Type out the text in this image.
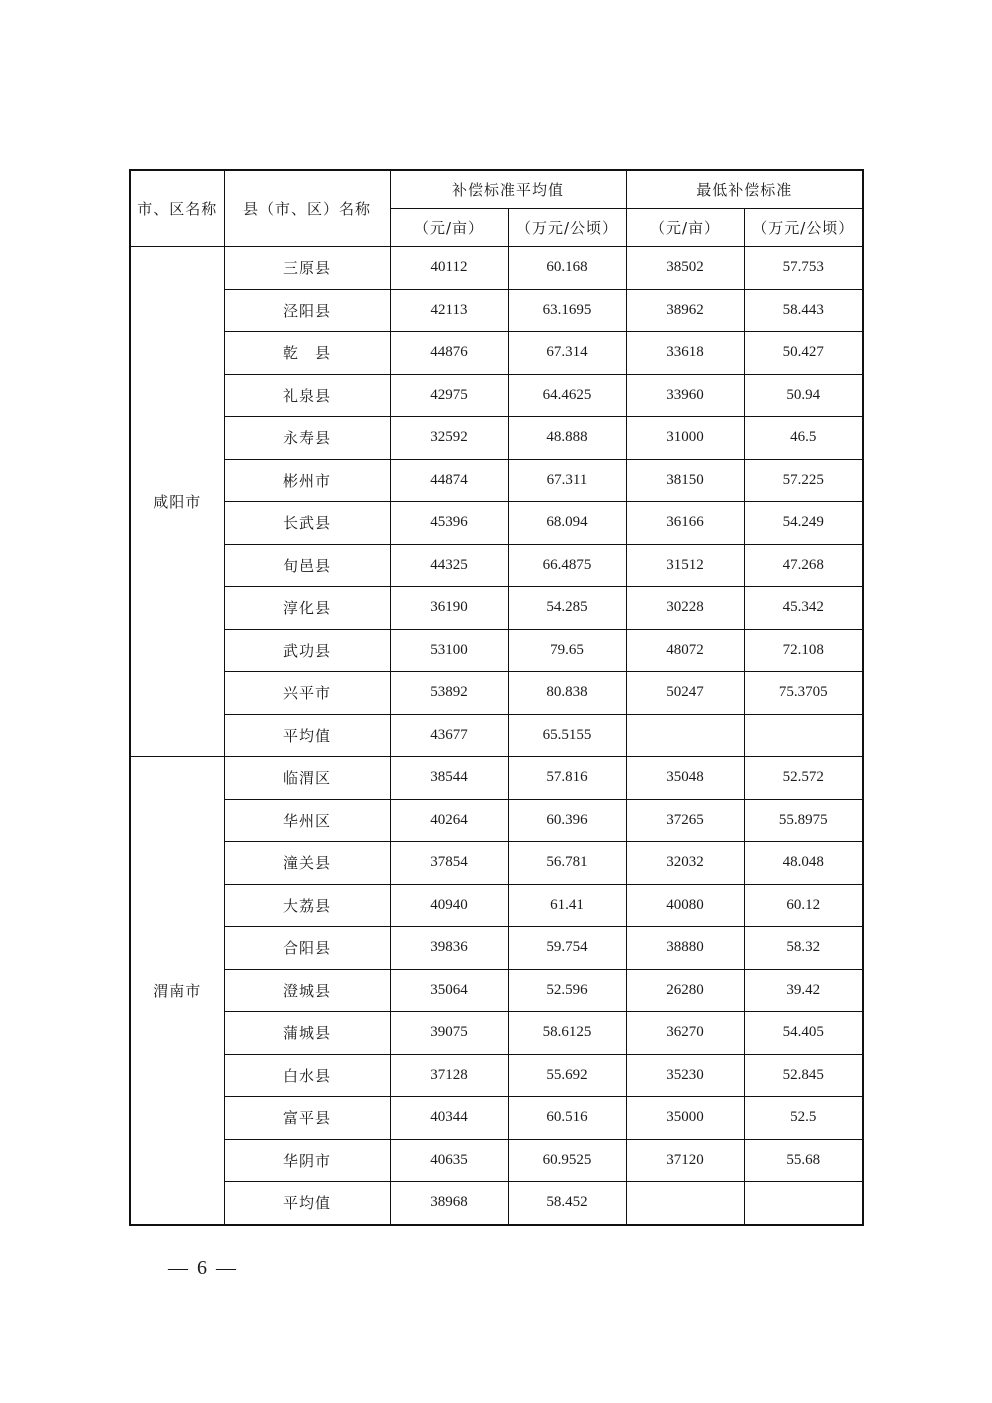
市、区名称	县（市、区）名称	补偿标准平均值		最低补偿标准	
		（元/亩）	（万元/公顷）	（元/亩）	（万元/公顷）
咸阳市	三原县	40112	60.168	38502	57.753
	泾阳县	42113	63.1695	38962	58.443
	乾　县	44876	67.314	33618	50.427
	礼泉县	42975	64.4625	33960	50.94
	永寿县	32592	48.888	31000	46.5
	彬州市	44874	67.311	38150	57.225
	长武县	45396	68.094	36166	54.249
	旬邑县	44325	66.4875	31512	47.268
	淳化县	36190	54.285	30228	45.342
	武功县	53100	79.65	48072	72.108
	兴平市	53892	80.838	50247	75.3705
	平均值	43677	65.5155		
渭南市	临渭区	38544	57.816	35048	52.572
	华州区	40264	60.396	37265	55.8975
	潼关县	37854	56.781	32032	48.048
	大荔县	40940	61.41	40080	60.12
	合阳县	39836	59.754	38880	58.32
	澄城县	35064	52.596	26280	39.42
	蒲城县	39075	58.6125	36270	54.405
	白水县	37128	55.692	35230	52.845
	富平县	40344	60.516	35000	52.5
	华阴市	40635	60.9525	37120	55.68
	平均值	38968	58.452		
— 6 —
